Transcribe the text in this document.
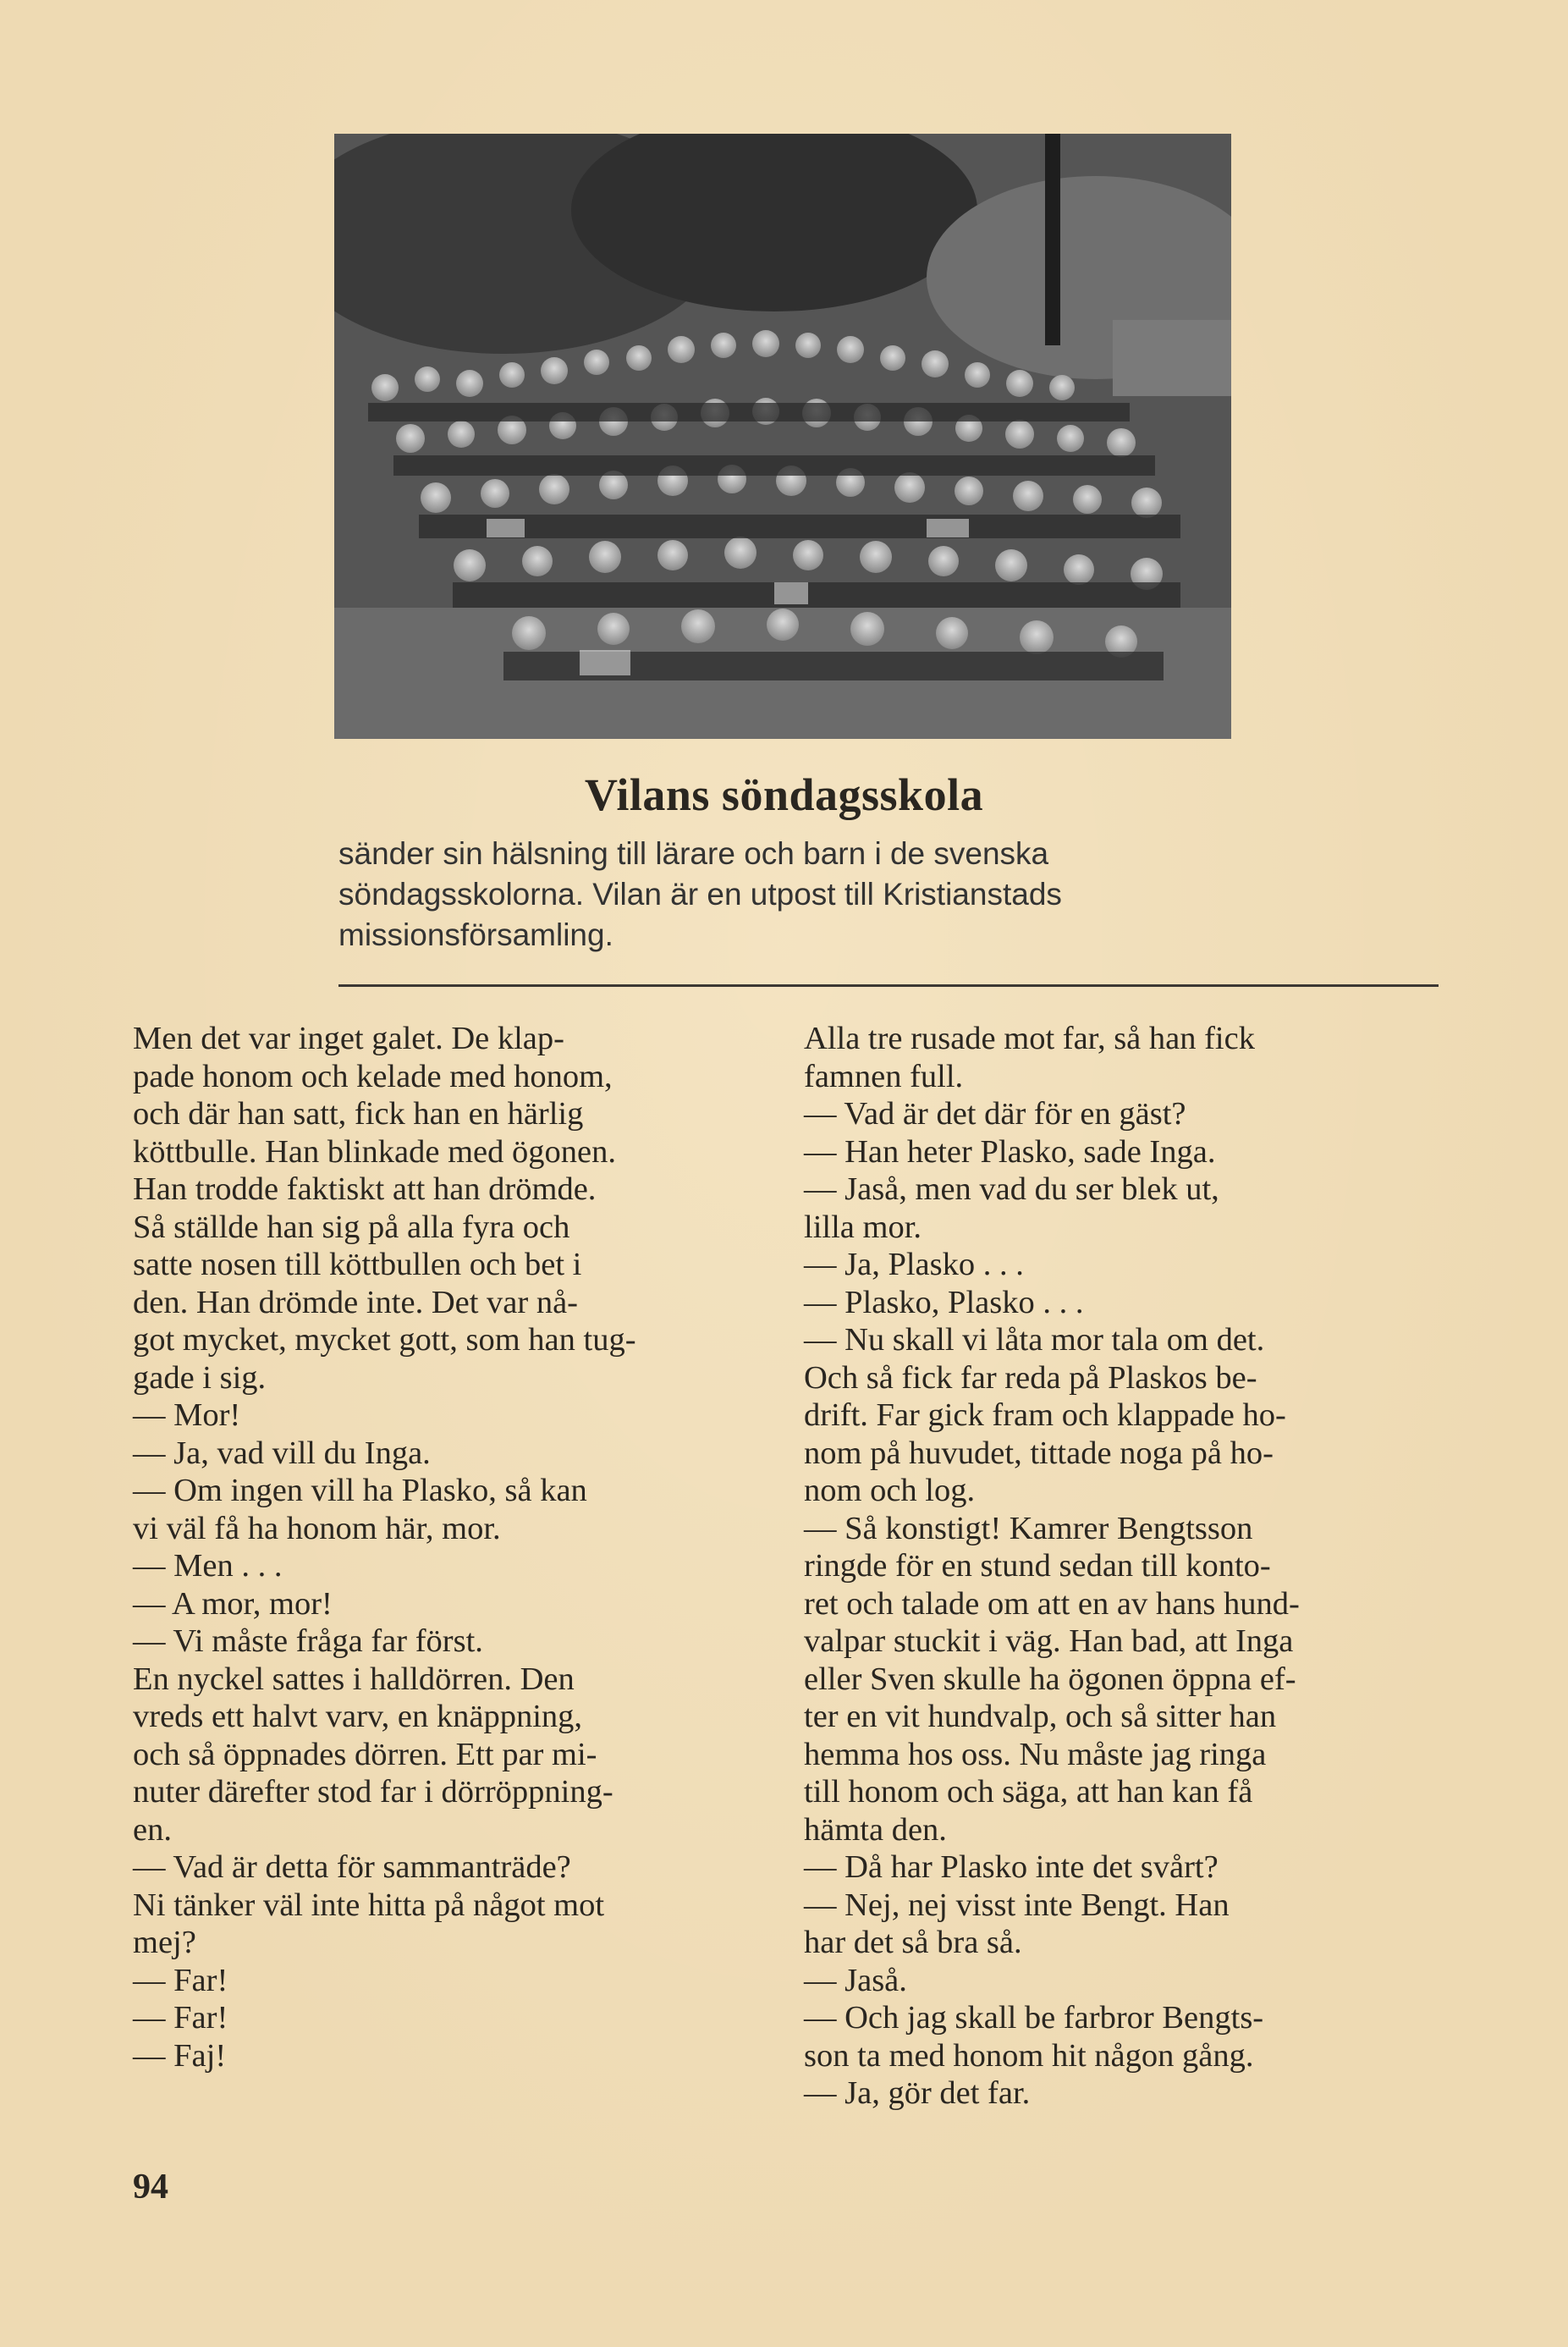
Vilans söndagsskola
sänder sin hälsning till lärare och barn i de svenska
söndagsskolorna. Vilan är en utpost till Kristianstads
missionsförsamling.
Men det var inget galet. De klap-
pade honom och kelade med honom,
och där han satt, fick han en härlig
köttbulle. Han blinkade med ögonen.
Han trodde faktiskt att han drömde.
Så ställde han sig på alla fyra och
satte nosen till köttbullen och bet i
den. Han drömde inte. Det var nå-
got mycket, mycket gott, som han tug-
gade i sig.
— Mor!
— Ja, vad vill du Inga.
— Om ingen vill ha Plasko, så kan
vi väl få ha honom här, mor.
— Men . . .
— A mor, mor!
— Vi måste fråga far först.
En nyckel sattes i halldörren. Den
vreds ett halvt varv, en knäppning,
och så öppnades dörren. Ett par mi-
nuter därefter stod far i dörröppning-
en.
— Vad är detta för sammanträde?
Ni tänker väl inte hitta på något mot
mej?
— Far!
— Far!
— Faj!
Alla tre rusade mot far, så han fick
famnen full.
— Vad är det där för en gäst?
— Han heter Plasko, sade Inga.
— Jaså, men vad du ser blek ut,
lilla mor.
— Ja, Plasko . . .
— Plasko, Plasko . . .
— Nu skall vi låta mor tala om det.
Och så fick far reda på Plaskos be-
drift. Far gick fram och klappade ho-
nom på huvudet, tittade noga på ho-
nom och log.
— Så konstigt! Kamrer Bengtsson
ringde för en stund sedan till konto-
ret och talade om att en av hans hund-
valpar stuckit i väg. Han bad, att Inga
eller Sven skulle ha ögonen öppna ef-
ter en vit hundvalp, och så sitter han
hemma hos oss. Nu måste jag ringa
till honom och säga, att han kan få
hämta den.
— Då har Plasko inte det svårt?
— Nej, nej visst inte Bengt. Han
har det så bra så.
— Jaså.
— Och jag skall be farbror Bengts-
son ta med honom hit någon gång.
— Ja, gör det far.
94
